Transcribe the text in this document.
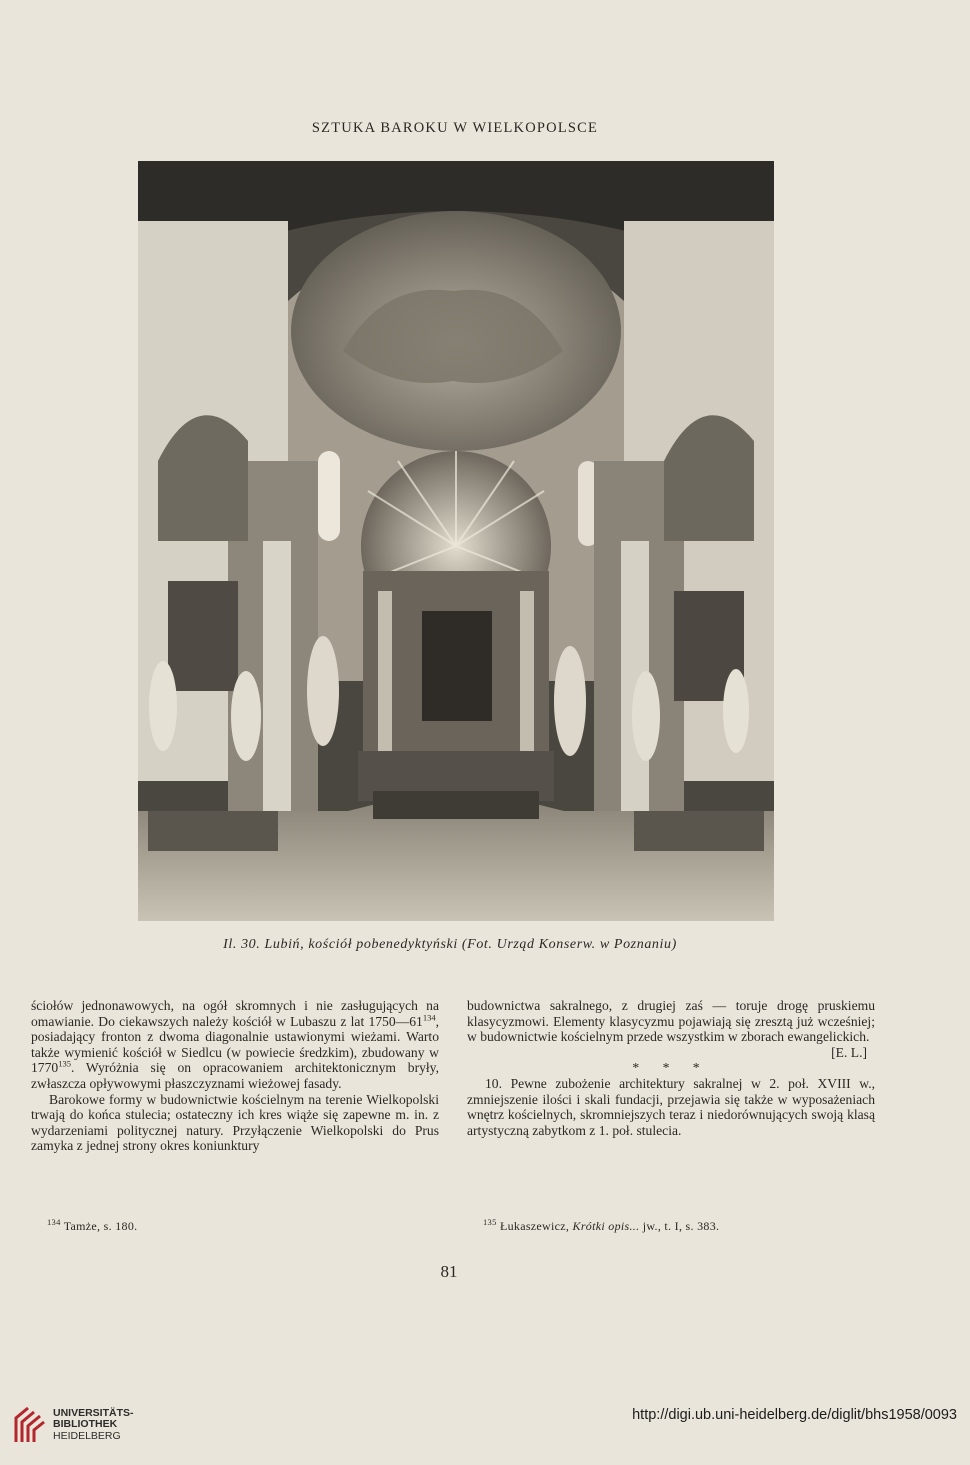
SZTUKA BAROKU W WIELKOPOLSCE
Il. 30. Lubiń, kościół pobenedyktyński (Fot. Urząd Konserw. w Poznaniu)

ściołów jednonawowych, na ogół skromnych i nie zasługujących na omawianie. Do ciekawszych należy kościół w Lubaszu z lat $1750—61^{134}$, posiadający fronton z dwoma diagonalnie ustawionymi wieżami. Warto także wymienić kościół w Siedlcu (w powiecie średzkim), zbudowany w 1770$^{135}$. Wyróżnia się on opracowaniem architektonicznym bryły, zwłaszcza opływowymi płaszczyznami wieżowej fasady.

Barokowe formy w budownictwie kościelnym na terenie Wielkopolski trwają do końca stulecia; ostateczny ich kres wiąże się zapewne m. in. z wydarzeniami politycznej natury. Przyłączenie Wielkopolski do Prus zamyka z jednej strony okres koniunktury

budownictwa sakralnego, z drugiej zaś — toruje drogę pruskiemu klasycyzmowi. Elementy klasycyzmu pojawiają się zresztą już wcześniej; w budownictwie kościelnym przede wszystkim w zborach ewangelickich.

[E. L.]

* * *

10. Pewne zubożenie architektury sakralnej w 2. poł. XVIII w., zmniejszenie ilości i skali fundacji, przejawia się także w wyposażeniach wnętrz kościelnych, skromniejszych teraz i niedorównujących swoją klasą artystyczną zabytkom z 1. poł. stulecia.

$^{134}$ Tamże, s. 180.	$^{135}$ Łukaszewicz, Krótki opis... jw., t. I, s. 383.
81
UNIVERSITÄTS-
BIBLIOTHEK
HEIDELBERG
http://digi.ub.uni-heidelberg.de/diglit/bhs1958/0093
